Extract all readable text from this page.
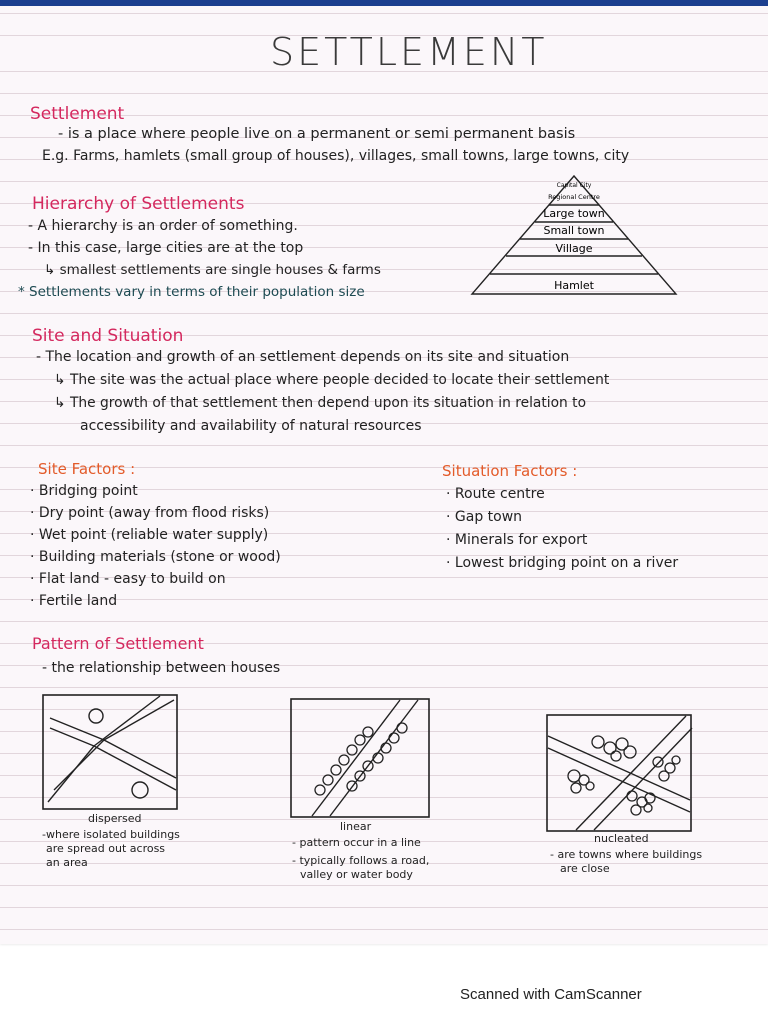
SETTLEMENT
Settlement
- is a place where people live on a permanent or semi permanent basis
E.g. Farms, hamlets (small group of houses), villages, small towns, large towns, city
Hierarchy of Settlements
- A hierarchy is an order of something.
- In this case, large cities are at the top
↳ smallest settlements are single houses & farms
* Settlements vary in terms of their population size
Capital City
Regional Centre
Large town
Small town
Village
Hamlet
Site and Situation
- The location and growth of an settlement depends on its site and situation
↳ The site was the actual place where people decided to locate their settlement
↳ The growth of that settlement then depend upon its situation in relation to
accessibility and availability of natural resources
Site Factors :
· Bridging point
· Dry point (away from flood risks)
· Wet point (reliable water supply)
· Building materials (stone or wood)
· Flat land - easy to build on
· Fertile land
Situation Factors :
· Route centre
· Gap town
· Minerals for export
· Lowest bridging point on a river
Pattern of Settlement
- the relationship between houses
dispersed
-where isolated buildings
are spread out across
an area
linear
- pattern occur in a line
- typically follows a road,
valley or water body
nucleated
- are towns where buildings
are close
Scanned with CamScanner
